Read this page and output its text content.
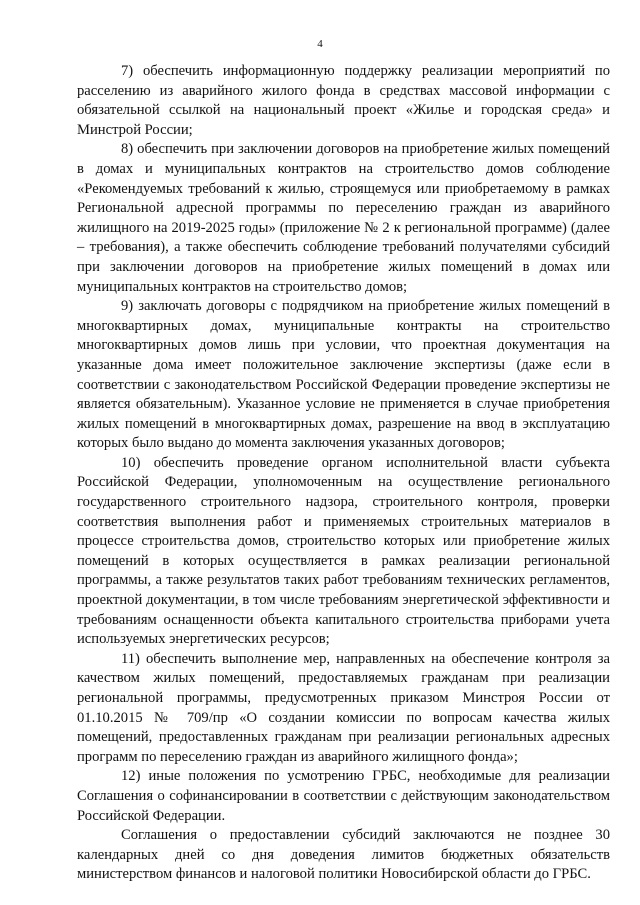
4

7) обеспечить информационную поддержку реализации мероприятий по расселению из аварийного жилого фонда в средствах массовой информации с обязательной ссылкой на национальный проект «Жилье и городская среда» и Минстрой России;

8) обеспечить при заключении договоров на приобретение жилых помещений в домах и муниципальных контрактов на строительство домов соблюдение «Рекомендуемых требований к жилью, строящемуся или приобретаемому в рамках Региональной адресной программы по переселению граждан из аварийного жилищного на 2019-2025 годы» (приложение № 2 к региональной программе) (далее – требования), а также обеспечить соблюдение требований получателями субсидий при заключении договоров на приобретение жилых помещений в домах или муниципальных контрактов на строительство домов;

9) заключать договоры с подрядчиком на приобретение жилых помещений в многоквартирных домах, муниципальные контракты на строительство многоквартирных домов лишь при условии, что проектная документация на указанные дома имеет положительное заключение экспертизы (даже если в соответствии с законодательством Российской Федерации проведение экспертизы не является обязательным). Указанное условие не применяется в случае приобретения жилых помещений в многоквартирных домах, разрешение на ввод в эксплуатацию которых было выдано до момента заключения указанных договоров;

10) обеспечить проведение органом исполнительной власти субъекта Российской Федерации, уполномоченным на осуществление регионального государственного строительного надзора, строительного контроля, проверки соответствия выполнения работ и применяемых строительных материалов в процессе строительства домов, строительство которых или приобретение жилых помещений в которых осуществляется в рамках реализации региональной программы, а также результатов таких работ требованиям технических регламентов, проектной документации, в том числе требованиям энергетической эффективности и требованиям оснащенности объекта капитального строительства приборами учета используемых энергетических ресурсов;

11) обеспечить выполнение мер, направленных на обеспечение контроля за качеством жилых помещений, предоставляемых гражданам при реализации региональной программы, предусмотренных приказом Минстроя России от 01.10.2015 № 709/пр «О создании комиссии по вопросам качества жилых помещений, предоставленных гражданам при реализации региональных адресных программ по переселению граждан из аварийного жилищного фонда»;

12) иные положения по усмотрению ГРБС, необходимые для реализации Соглашения о софинансировании в соответствии с действующим законодательством Российской Федерации.

Соглашения о предоставлении субсидий заключаются не позднее 30 календарных дней со дня доведения лимитов бюджетных обязательств министерством финансов и налоговой политики Новосибирской области до ГРБС.
